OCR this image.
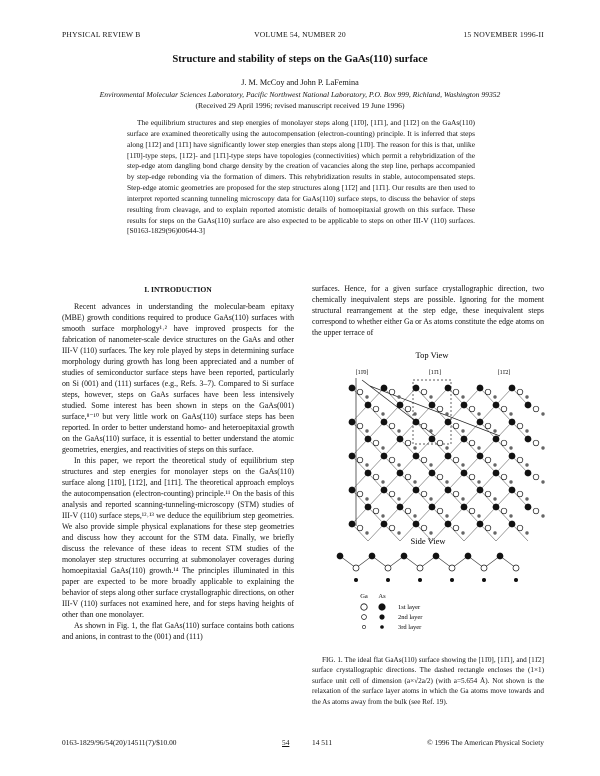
PHYSICAL REVIEW B	VOLUME 54, NUMBER 20	15 NOVEMBER 1996-II
Structure and stability of steps on the GaAs(110) surface
J. M. McCoy and John P. LaFemina
Environmental Molecular Sciences Laboratory, Pacific Northwest National Laboratory, P.O. Box 999, Richland, Washington 99352
(Received 29 April 1996; revised manuscript received 19 June 1996)
The equilibrium structures and step energies of monolayer steps along [11̄0], [11̄1], and [11̄2] on the GaAs(110) surface are examined theoretically using the autocompensation (electron-counting) principle. It is inferred that steps along [11̄2] and [11̄1] have significantly lower step energies than steps along [11̄0]. The reason for this is that, unlike [11̄0]-type steps, [11̄2]- and [11̄1]-type steps have topologies (connectivities) which permit a rehybridization of the step-edge atom dangling bond charge density by the creation of vacancies along the step line, perhaps accompanied by step-edge rebonding via the formation of dimers. This rehybridization results in stable, autocompensated steps. Step-edge atomic geometries are proposed for the step structures along [11̄2] and [11̄1]. Our results are then used to interpret reported scanning tunneling microscopy data for GaAs(110) surface steps, to discuss the behavior of steps resulting from cleavage, and to explain reported atomistic details of homoepitaxial growth on this surface. These results for steps on the GaAs(110) surface are also expected to be applicable to steps on other III-V (110) surfaces. [S0163-1829(96)00644-3]
I. INTRODUCTION

Recent advances in understanding the molecular-beam epitaxy (MBE) growth conditions required to produce GaAs(110) surfaces with smooth surface morphology¹˒² have improved prospects for the fabrication of nanometer-scale device structures on the GaAs and other III-V (110) surfaces. The key role played by steps in determining surface morphology during growth has long been appreciated and a number of studies of semiconductor surface steps have been reported, particularly on Si (001) and (111) surfaces (e.g., Refs. 3–7). Compared to Si surface steps, however, steps on GaAs surfaces have been less intensively studied. Some interest has been shown in steps on the GaAs(001) surface,⁸⁻¹⁰ but very little work on GaAs(110) surface steps has been reported. In order to better understand homo- and heteroepitaxial growth on the GaAs(110) surface, it is essential to better understand the atomic geometries, energies, and reactivities of steps on this surface.

In this paper, we report the theoretical study of equilibrium step structures and step energies for monolayer steps on the GaAs(110) surface along [11̄0], [11̄2], and [11̄1]. The theoretical approach employs the autocompensation (electron-counting) principle.¹¹ On the basis of this analysis and reported scanning-tunneling-microscopy (STM) studies of III-V (110) surface steps,¹²˒¹³ we deduce the equilibrium step geometries. We also provide simple physical explanations for these step geometries and discuss how they account for the STM data. Finally, we briefly discuss the relevance of these ideas to recent STM studies of the monolayer step structures occurring at submonolayer coverages during homoepitaxial GaAs(110) growth.¹⁴ The principles illuminated in this paper are expected to be more broadly applicable to explaining the behavior of steps along other surface crystallographic directions, on other III-V (110) surfaces not examined here, and for steps having heights of other than one monolayer.

As shown in Fig. 1, the flat GaAs(110) surface contains both cations and anions, in contrast to the (001) and (111)

surfaces. Hence, for a given surface crystallographic direction, two chemically inequivalent steps are possible. Ignoring for the moment structural rearrangement at the step edge, these inequivalent steps correspond to whether either Ga or As atoms constitute the edge atoms on the upper terrace of

Top View
[11̄0]	[11̄1]	[11̄2]
Side View
Ga As
1st layer
2nd layer
3rd layer
FIG. 1. The ideal flat GaAs(110) surface showing the [11̄0], [11̄1], and [11̄2] surface crystallographic directions. The dashed rectangle encloses the (1×1) surface unit cell of dimension (a×√2a/2) (with a=5.654 Å). Not shown is the relaxation of the surface layer atoms in which the Ga atoms move towards and the As atoms away from the bulk (see Ref. 19).
0163-1829/96/54(20)/14511(7)/$10.00	54	14 511	© 1996 The American Physical Society
